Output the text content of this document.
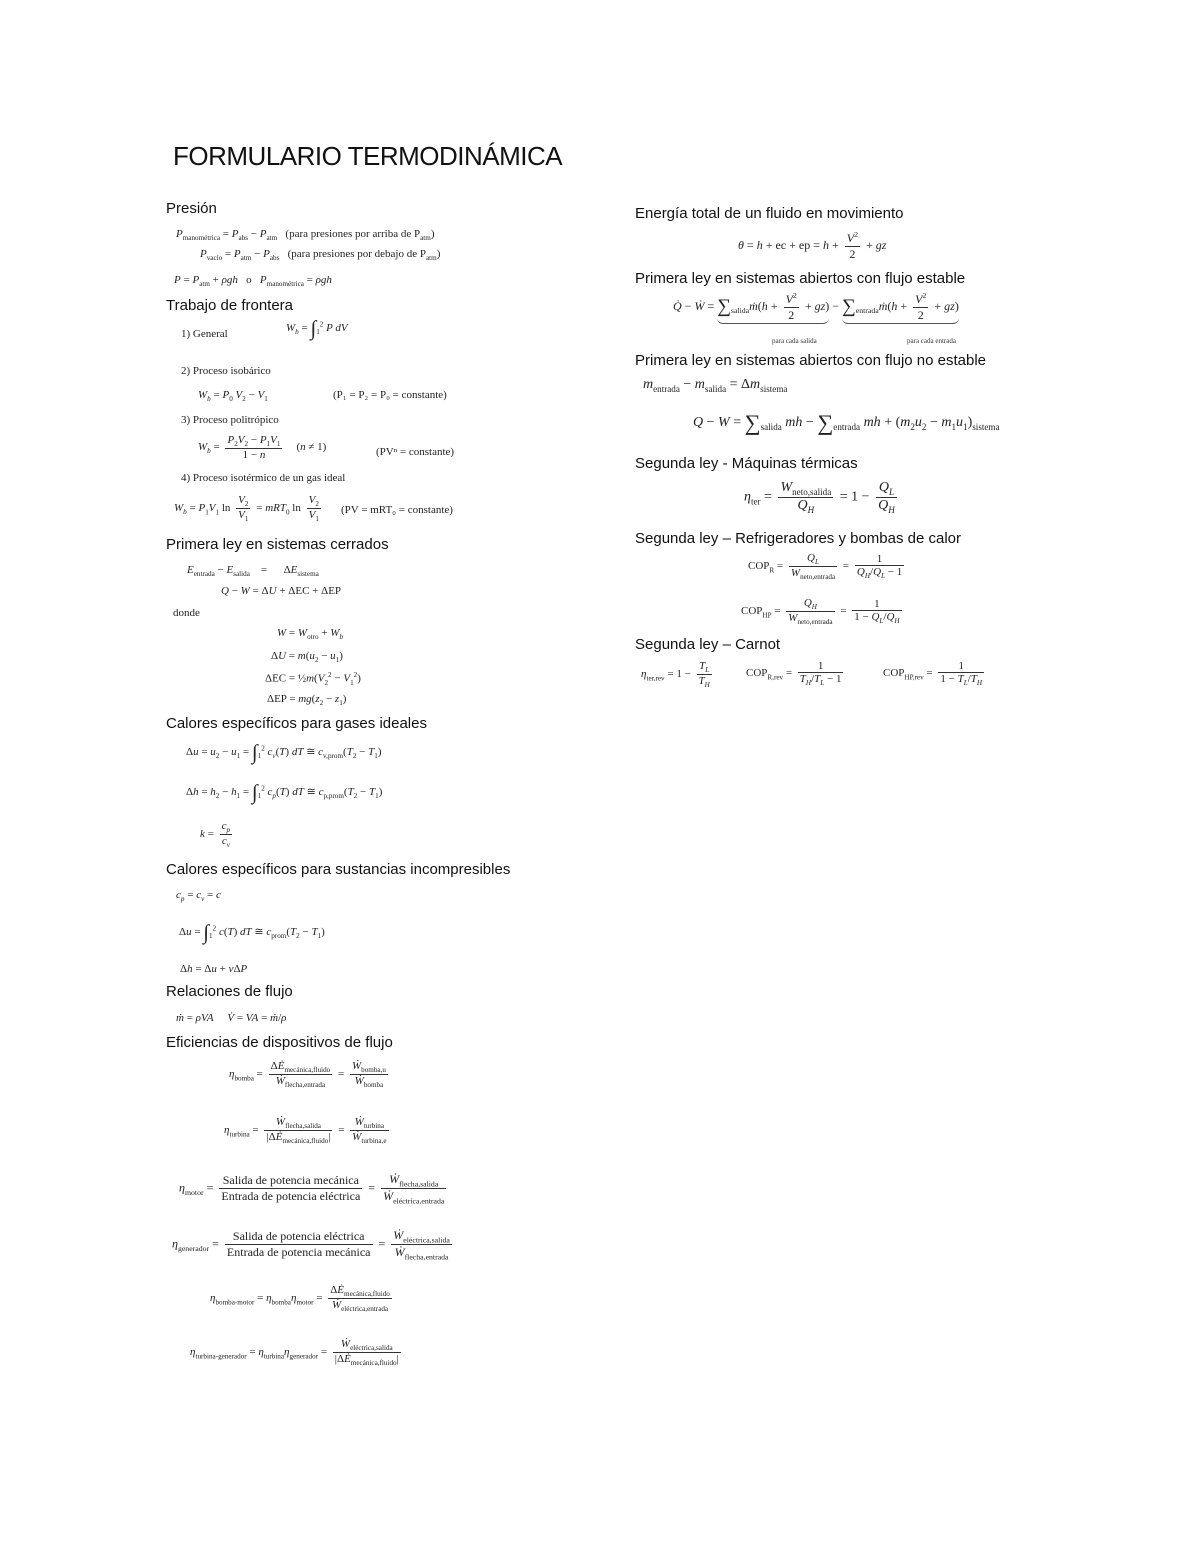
FORMULARIO TERMODINÁMICA
Presión
$P_{manométrica} = P_{abs} - P_{atm}$ (para presiones por arriba de $P_{atm}$)
$P_{vacío} = P_{atm} - P_{abs}$ (para presiones por debajo de $P_{atm}$)
$P = P_{atm} + \rho gh$   o   $P_{manométrica} = \rho gh$
Trabajo de frontera
1) General	$W_b = \int_1^2$ P dV
2) Proceso isobárico
$W_b = P_0$ $V_2 - V_1$	(P₁ = P₂ = P₀ = constante)
3) Proceso politrópico
$W_b = \frac{P_2V_2 - P_1V_1}{1 - n} (n \ne 1)$	(PVⁿ = constante)
4) Proceso isotérmico de un gas ideal
$W_b = P_1V_1$ $\ln \frac{V_2}{V_1} = mRT_0$ $\ln \frac{V_2}{V_1} (PV = mRT_0$ = constante)
Primera ley en sistemas cerrados
$E_{entrada} - E_{salida}$    =      $\Delta E_{sistema}$
Q − W = ΔU + ΔEC + ΔEP
donde
$W = W_{otro} + W_b$
$\Delta U = m(u_2 - u_1)$
$\Delta EC = \frac{1}{2}m(V_2^2 - V_1^2)$
$\Delta EP = mg(z_2 - z_1)$
Calores específicos para gases ideales
$\Delta u = u_2 - u_1 = \int_1^2$ $c_v(T)$ dT ≅ $c_{v,prom}(T_2 - T_1)$
$\Delta h = h_2 - h_1 = \int_1^2$ $c_p(T)$ dT ≅ $c_{p,prom}(T_2 - T_1)$
$k = \frac{c_p}{c_v}$
Calores específicos para sustancias incompresibles
$c_p = c_v = c$
$\Delta u = \int_1^2$ c(T) dT ≅ $c_{prom}(T_2 - T_1)$
Δh = Δu + vΔP
Relaciones de flujo
ṁ = ρVA V̇ = VA = ṁ/ρ
Eficiencias de dispositivos de flujo
$\eta_{bomba} = \frac{\Delta Ė_{mecánica,fluido}}{Ẇ_{flecha,entrada}} = \frac{Ẇ_{bomba,u}}{Ẇ_{bomba}}$
$\eta_{turbina} = \frac{Ẇ_{flecha,salida}}{|\Delta Ė_{mecánica,fluido}|} = \frac{Ẇ_{turbina}}{Ẇ_{turbina,e}}$
$\eta_{motor} = \frac{\text{Salida de potencia mecánica}}{\text{Entrada de potencia eléctrica}} = \frac{Ẇ_{flecha,salida}}{Ẇ_{eléctrica,entrada}}$
$\eta_{generador} = \frac{\text{Salida de potencia eléctrica}}{\text{Entrada de potencia mecánica}} = \frac{Ẇ_{eléctrica,salida}}{Ẇ_{flecha,entrada}}$
$\eta_{bomba-motor} = \eta_{bomba}\eta_{motor} = \frac{\Delta Ė_{mecánica,fluido}}{Ẇ_{eléctrica,entrada}}$
$\eta_{turbina-generador} = \eta_{turbina}\eta_{generador} = \frac{Ẇ_{eléctrica,salida}}{|\Delta Ė_{mecánica,fluido}|}$
Energía total de un fluido en movimiento
θ = h + ec + ep = $h + \frac{V^2}{2}$ + gz
Primera ley en sistemas abiertos con flujo estable
Q̇ − Ẇ = $\sum_{salida}ṁ(h + \frac{V^2}{2} + gz)$ − $\sum_{entrada}ṁ(h + \frac{V^2}{2} + gz)$
para cada salida	para cada entrada
Primera ley en sistemas abiertos con flujo no estable
$m_{entrada} - m_{salida} = \Delta m_{sistema}$
$Q - W = \sum_{salida}$ mh − $\sum_{entrada}$ mh + $(m_2u_2 - m_1u_1)_{sistema}$
Segunda ley - Máquinas térmicas
$\eta_{ter} = \frac{W_{neto,salida}}{Q_H} = 1 - \frac{Q_L}{Q_H}$
Segunda ley – Refrigeradores y bombas de calor
$COP_R = \frac{Q_L}{W_{neto,entrada}} = \frac{1}{Q_H/Q_L - 1}$
$COP_{HP} = \frac{Q_H}{W_{neto,entrada}} = \frac{1}{1 - Q_L/Q_H}$
Segunda ley – Carnot
$\eta_{ter,rev} = 1 - \frac{T_L}{T_H}$	$COP_{R,rev} = \frac{1}{T_H/T_L - 1}$	$COP_{HP,rev} = \frac{1}{1 - T_L/T_H}$
